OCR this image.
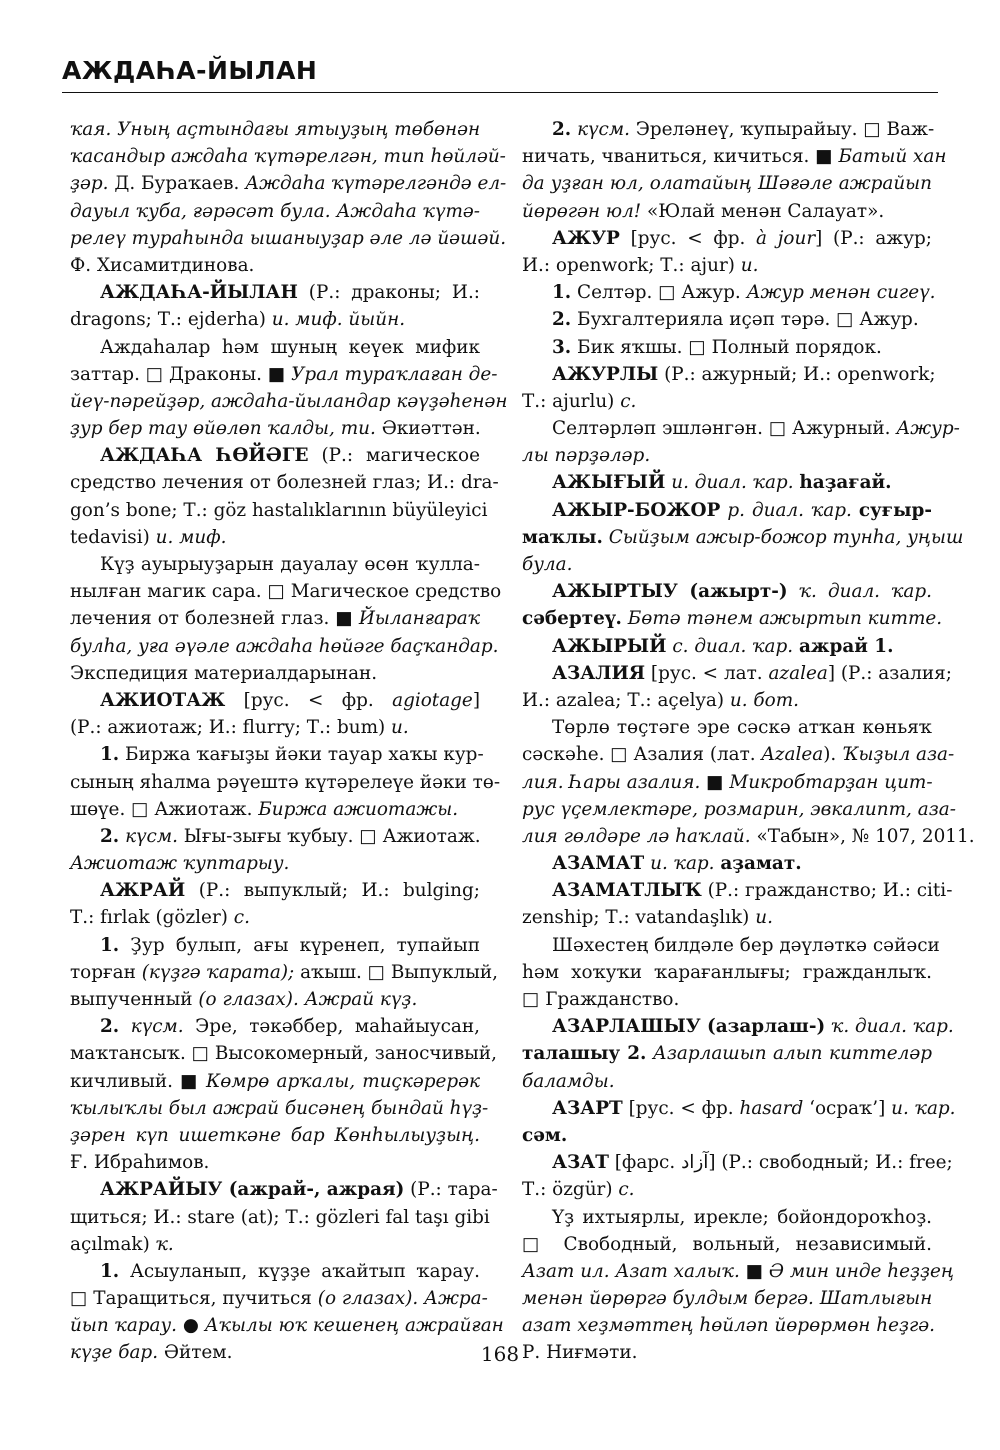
АЖДАҺА-ЙЫЛАН
ҡая. Уның аҫтындағы ятыуҙың төбөнән
ҡасандыр аждаһа ҡүтәрелгән, тип һөйләй-
ҙәр. Д. Бураҡаев. Аждаһа ҡүтәрелгәндә ел-
дауыл ҡуба, ғәрәсәт була. Аждаһа ҡүтә-
релеү тураһында ышаныуҙар әле лә йәшәй.
Ф. Хисамитдинова.
АЖДАҺА-ЙЫЛАН (Р.: драконы; И.:
dragons; Т.: ejderha) и. миф. йыйн.
Аждаһалар һәм шуның кеүек мифик
заттар. □ Драконы. ■ Урал тураҡлаған де-
йеү-пәрейҙәр, аждаһа-йыландар кәүҙәһенән
ҙур бер тау өйөлөп ҡалды, ти. Әкиәттән.
АЖДАҺА ҺӨЙӘГЕ (Р.: магическое
средство лечения от болезней глаз; И.: dra-
gon’s bone; Т.: göz hastalıklarının büyüleyici
tedavisi) и. миф.
Күҙ ауырыуҙарын дауалау өсөн ҡулла-
нылған магик сара. □ Магическое средство
лечения от болезней глаз. ■ Йыланғараҡ
булһа, уға әүәле аждаһа һөйәге баҫҡандар.
Экспедиция материалдарынан.
АЖИОТАЖ [рус. < фр. agiotage]
(Р.: ажиотаж; И.: flurry; Т.: bum) и.
1. Биржа ҡағыҙы йәки тауар хаҡы кур-
сының яһалма рәүештә күтәрелеүе йәки тө-
шөүе. □ Ажиотаж. Биржа ажиотажы.
2. күсм. Ығы-зығы ҡубыу. □ Ажиотаж.
Ажиотаж ҡуптарыу.
АЖРАЙ (Р.: выпуклый; И.: bulging;
Т.: fırlak (gözler) с.
1. Ҙур булып, ағы күренеп, тупайып
торған (күҙгә ҡарата); аҡыш. □ Выпуклый,
выпученный (о глазах). Ажрай күҙ.
2. күсм. Эре, тәкәббер, маһайыусан,
маҡтансыҡ. □ Высокомерный, заносчивый,
кичливый. ■ Көмрө арҡалы, тиҫкәрерәк
ҡылыҡлы был ажрай бисәнең бындай һүҙ-
ҙәрен күп ишеткәне бар Көнһылыуҙың.
Ғ. Ибраһимов.
АЖРАЙЫУ (ажрай-, ажрая) (Р.: тара-
щиться; И.: stare (at); Т.: gözleri fal taşı gibi
açılmak) ҡ.
1. Асыуланып, күҙҙе аҡайтып ҡарау.
□ Таращиться, пучиться (о глазах). Ажра-
йып ҡарау. ● Аҡылы юҡ кешенең ажрайған
күҙе бар. Әйтем.
2. күсм. Эреләнеү, ҡупырайыу. □ Важ-
ничать, чваниться, кичиться. ■ Батый хан
да уҙған юл, олатайың Шәғәле ажрайып
йөрөгән юл! «Юлай менән Салауат».
АЖУР [рус. < фр. à jour] (Р.: ажур;
И.: openwork; Т.: ajur) и.
1. Селтәр. □ Ажур. Ажур менән сигеү.
2. Бухгалтерияла иҫәп тәрә. □ Ажур.
3. Бик яҡшы. □ Полный порядок.
АЖУРЛЫ (Р.: ажурный; И.: openwork;
Т.: ajurlu) с.
Селтәрләп эшләнгән. □ Ажурный. Ажур-
лы пәрҙәләр.
АЖЫҒЫЙ и. диал. ҡар. һаҙағай.
АЖЫР-БОЖОР р. диал. ҡар. суғыр-
маҡлы. Сыйҙым ажыр-божор тунһа, уңыш
була.
АЖЫРТЫУ (ажырт-) ҡ. диал. ҡар.
сәбертеү. Бөтә тәнем ажыртып китте.
АЖЫРЫЙ с. диал. ҡар. ажрай 1.
АЗАЛИЯ [рус. < лат. azalea] (Р.: азалия;
И.: azalea; Т.: açelya) и. бот.
Төрлө төҫтәге эре сәскә атҡан көньяҡ
сәскәһе. □ Азалия (лат. Azalea). Ҡыҙыл аза-
лия. Һары азалия. ■ Микробтарҙан цит-
рус үҫемлектәре, розмарин, эвкалипт, аза-
лия гөлдәре лә һаҡлай. «Табын», № 107, 2011.
АЗАМАТ и. ҡар. аҙамат.
АЗАМАТЛЫҠ (Р.: гражданство; И.: citi-
zenship; Т.: vatandaşlık) и.
Шәхестең билдәле бер дәүләткә сәйәси
һәм хоҡуҡи ҡарағанлығы; гражданлыҡ.
□ Гражданство.
АЗАРЛАШЫУ (азарлаш-) ҡ. диал. ҡар.
талашыу 2. Азарлашып алып киттеләр
баламды.
АЗАРТ [рус. < фр. hasard ‘осраҡ’] и. ҡар.
сәм.
АЗАТ [фарс. آزاد] (Р.: свободный; И.: free;
Т.: özgür) с.
Үҙ ихтыярлы, ирекле; бойондороҡһоҙ.
□ Свободный, вольный, независимый.
Азат ил. Азат халыҡ. ■ Ә мин инде һеҙҙең
менән йөрөргә булдым бергә. Шатлығын
азат хеҙмәттең һөйләп йөрөрмөн һеҙгә.
Р. Ниғмәти.
168
